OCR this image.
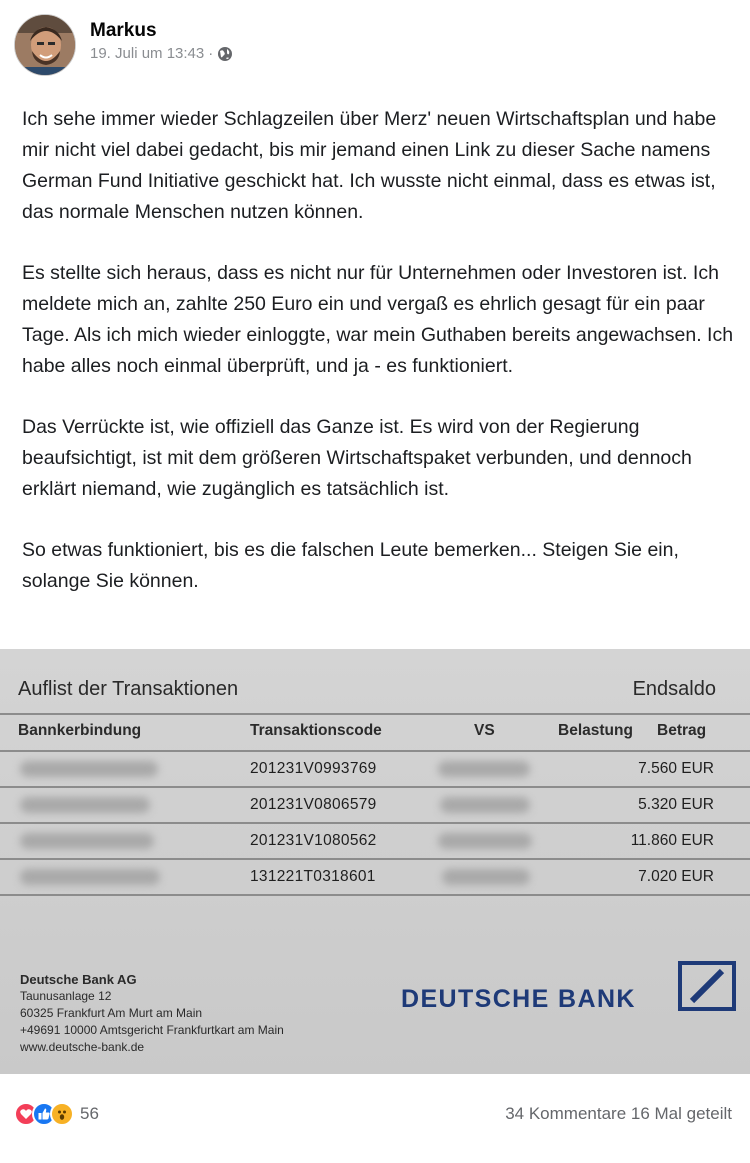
Markus
19. Juli um 13:43 ·

Ich sehe immer wieder Schlagzeilen über Merz' neuen Wirtschaftsplan und habe mir nicht viel dabei gedacht, bis mir jemand einen Link zu dieser Sache namens German Fund Initiative geschickt hat. Ich wusste nicht einmal, dass es etwas ist, das normale Menschen nutzen können.

Es stellte sich heraus, dass es nicht nur für Unternehmen oder Investoren ist. Ich meldete mich an, zahlte 250 Euro ein und vergaß es ehrlich gesagt für ein paar Tage. Als ich mich wieder einloggte, war mein Guthaben bereits angewachsen. Ich habe alles noch einmal überprüft, und ja - es funktioniert.

Das Verrückte ist, wie offiziell das Ganze ist. Es wird von der Regierung beaufsichtigt, ist mit dem größeren Wirtschaftspaket verbunden, und dennoch erklärt niemand, wie zugänglich es tatsächlich ist.

So etwas funktioniert, bis es die falschen Leute bemerken... Steigen Sie ein, solange Sie können.

Auflist der Transaktionen	Endsaldo
Bannkerbindung	Transaktionscode	VS	Belastung Betrag
201231V0993769	7.560 EUR
201231V0806579	5.320 EUR
201231V1080562	11.860 EUR
131221T0318601	7.020 EUR
Deutsche Bank AG
Taunusanlage 12
60325 Frankfurt Am Murt am Main
+49691 10000 Amtsgericht Frankfurtkart am Main
www.deutsche-bank.de
DEUTSCHE BANK
56	34 Kommentare 16 Mal geteilt
